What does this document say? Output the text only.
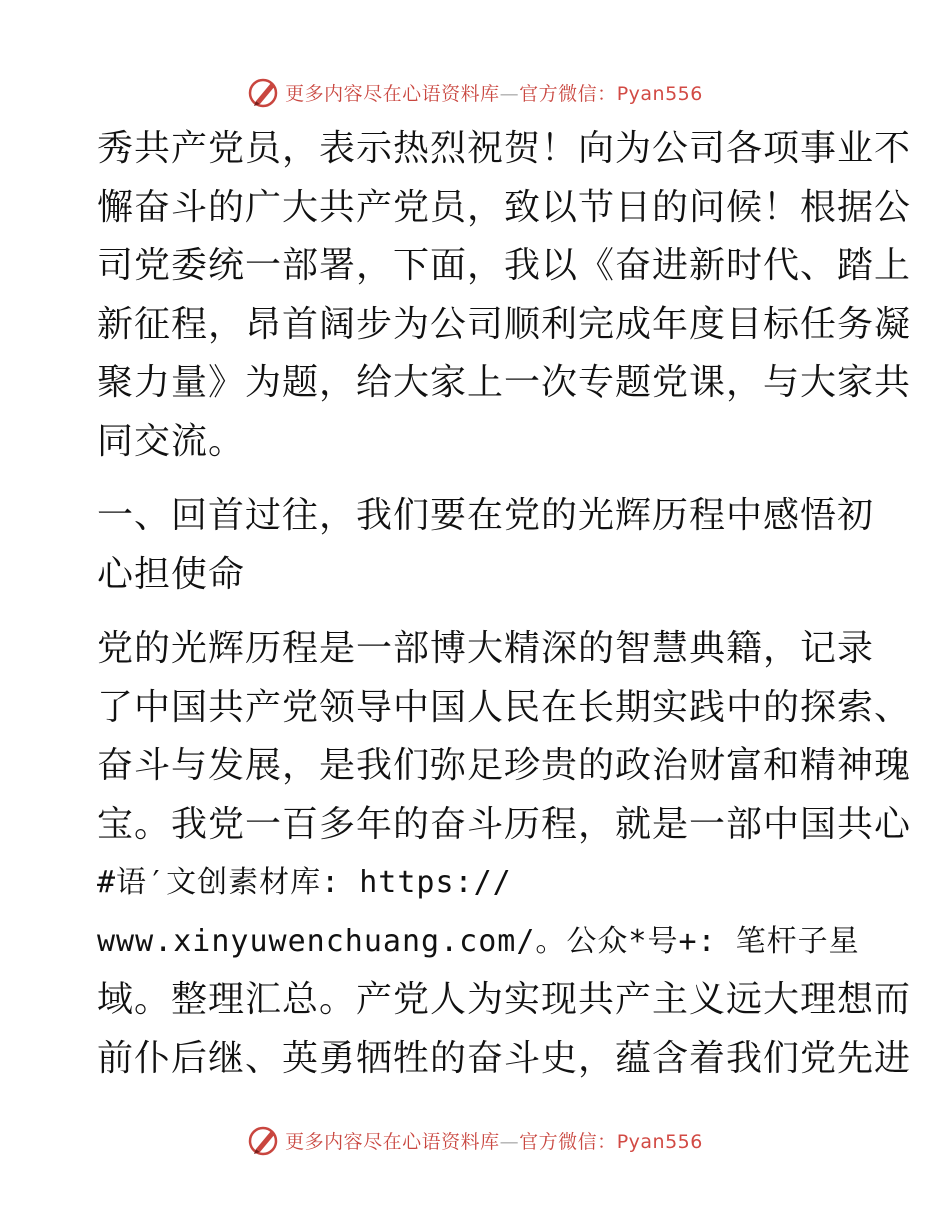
更多内容尽在心语资料库—官方微信：Pyan556
秀共产党员，表示热烈祝贺！向为公司各项事业不
懈奋斗的广大共产党员，致以节日的问候！根据公
司党委统一部署，下面，我以《奋进新时代、踏上
新征程，昂首阔步为公司顺利完成年度目标任务凝
聚力量》为题，给大家上一次专题党课，与大家共
同交流。
一、回首过往，我们要在党的光辉历程中感悟初
心担使命
党的光辉历程是一部博大精深的智慧典籍，记录
了中国共产党领导中国人民在长期实践中的探索、
奋斗与发展，是我们弥足珍贵的政治财富和精神瑰
宝。我党一百多年的奋斗历程，就是一部中国共心
#语′文创素材库: https://
www.xinyuwenchuang.com/。公众*号+: 笔杆子星
域。整理汇总。产党人为实现共产主义远大理想而
前仆后继、英勇牺牲的奋斗史，蕴含着我们党先进
更多内容尽在心语资料库—官方微信：Pyan556
